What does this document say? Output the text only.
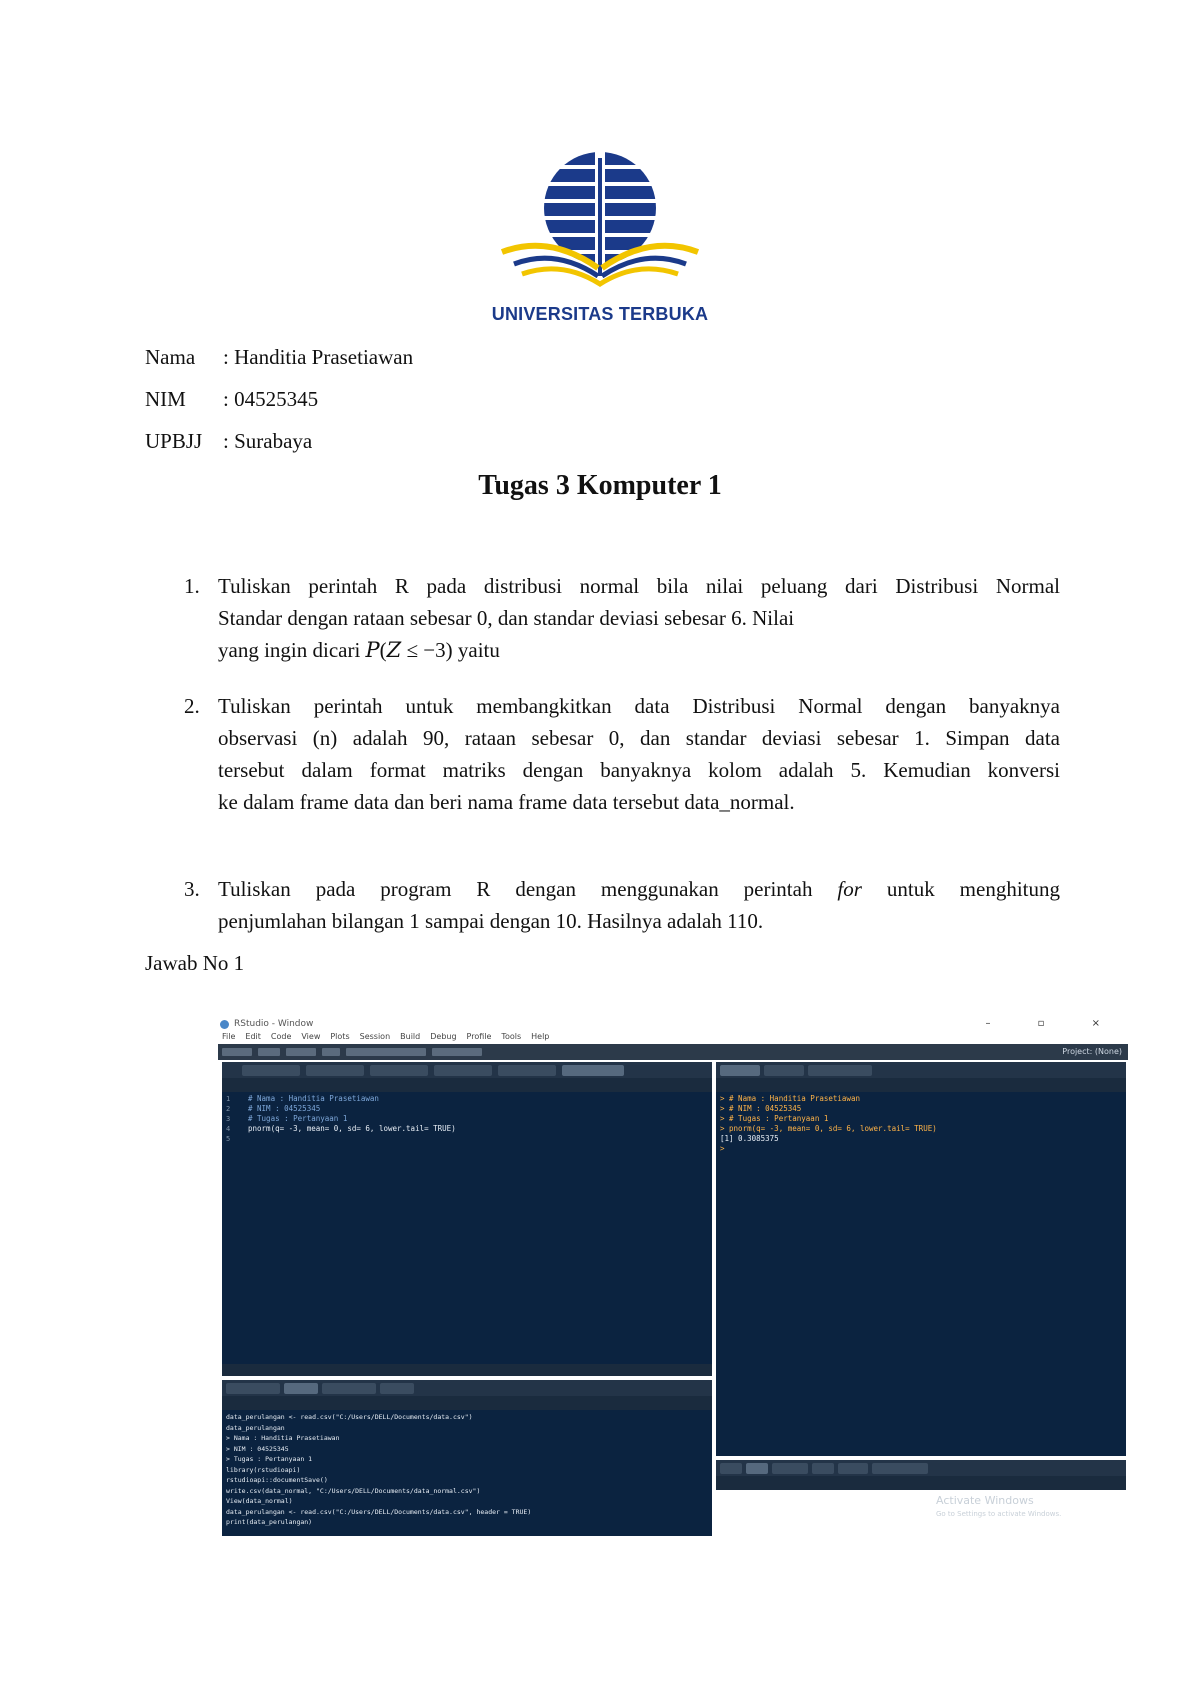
UNIVERSITAS TERBUKA
Nama : Handitia Prasetiawan
NIM : 04525345
UPBJJ : Surabaya
Tugas 3 Komputer 1
1. Tuliskan perintah R pada distribusi normal bila nilai peluang dari Distribusi Normal
Standar dengan rataan sebesar 0, dan standar deviasi sebesar 6. Nilai
yang ingin dicari 𝑃(𝑍 ≤ −3) yaitu
2. Tuliskan perintah untuk membangkitkan data Distribusi Normal dengan banyaknya
observasi (n) adalah 90, rataan sebesar 0, dan standar deviasi sebesar 1. Simpan data
tersebut dalam format matriks dengan banyaknya kolom adalah 5. Kemudian konversi
ke dalam frame data dan beri nama frame data tersebut data_normal.
3. Tuliskan pada program R dengan menggunakan perintah for untuk menghitung
penjumlahan bilangan 1 sampai dengan 10. Hasilnya adalah 110.
Jawab No 1
RStudio - Window	– ▫ ×
File Edit Code View Plots Session Build Debug Profile Tools Help
Project: (None)
1
2
3
4
5
# Nama : Handitia Prasetiawan
# NIM : 04525345
# Tugas : Pertanyaan 1
pnorm(q= -3, mean= 0, sd= 6, lower.tail= TRUE)
data_perulangan <- read.csv("C:/Users/DELL/Documents/data.csv")
data_perulangan
> Nama : Handitia Prasetiawan
> NIM : 04525345
> Tugas : Pertanyaan 1
library(rstudioapi)
rstudioapi::documentSave()
write.csv(data_normal, "C:/Users/DELL/Documents/data_normal.csv")
View(data_normal)
data_perulangan <- read.csv("C:/Users/DELL/Documents/data.csv", header = TRUE)
print(data_perulangan)
> # Nama : Handitia Prasetiawan
> # NIM : 04525345
> # Tugas : Pertanyaan 1
> pnorm(q= -3, mean= 0, sd= 6, lower.tail= TRUE)
[1] 0.3085375
>
Activate Windows
Go to Settings to activate Windows.
